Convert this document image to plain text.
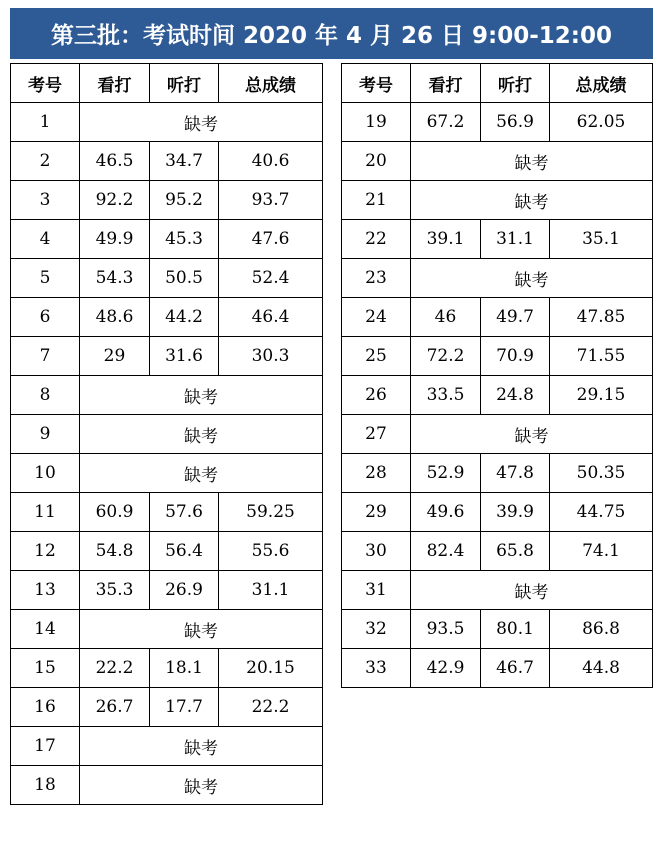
第三批：考试时间 2020 年 4 月 26 日 9:00-12:00
考号	看打	听打	总成绩
1	缺考		
2	46.5	34.7	40.6
3	92.2	95.2	93.7
4	49.9	45.3	47.6
5	54.3	50.5	52.4
6	48.6	44.2	46.4
7	29	31.6	30.3
8	缺考		
9	缺考		
10	缺考		
11	60.9	57.6	59.25
12	54.8	56.4	55.6
13	35.3	26.9	31.1
14	缺考		
15	22.2	18.1	20.15
16	26.7	17.7	22.2
17	缺考		
18	缺考		
考号	看打	听打	总成绩
19	67.2	56.9	62.05
20	缺考		
21	缺考		
22	39.1	31.1	35.1
23	缺考		
24	46	49.7	47.85
25	72.2	70.9	71.55
26	33.5	24.8	29.15
27	缺考		
28	52.9	47.8	50.35
29	49.6	39.9	44.75
30	82.4	65.8	74.1
31	缺考		
32	93.5	80.1	86.8
33	42.9	46.7	44.8
